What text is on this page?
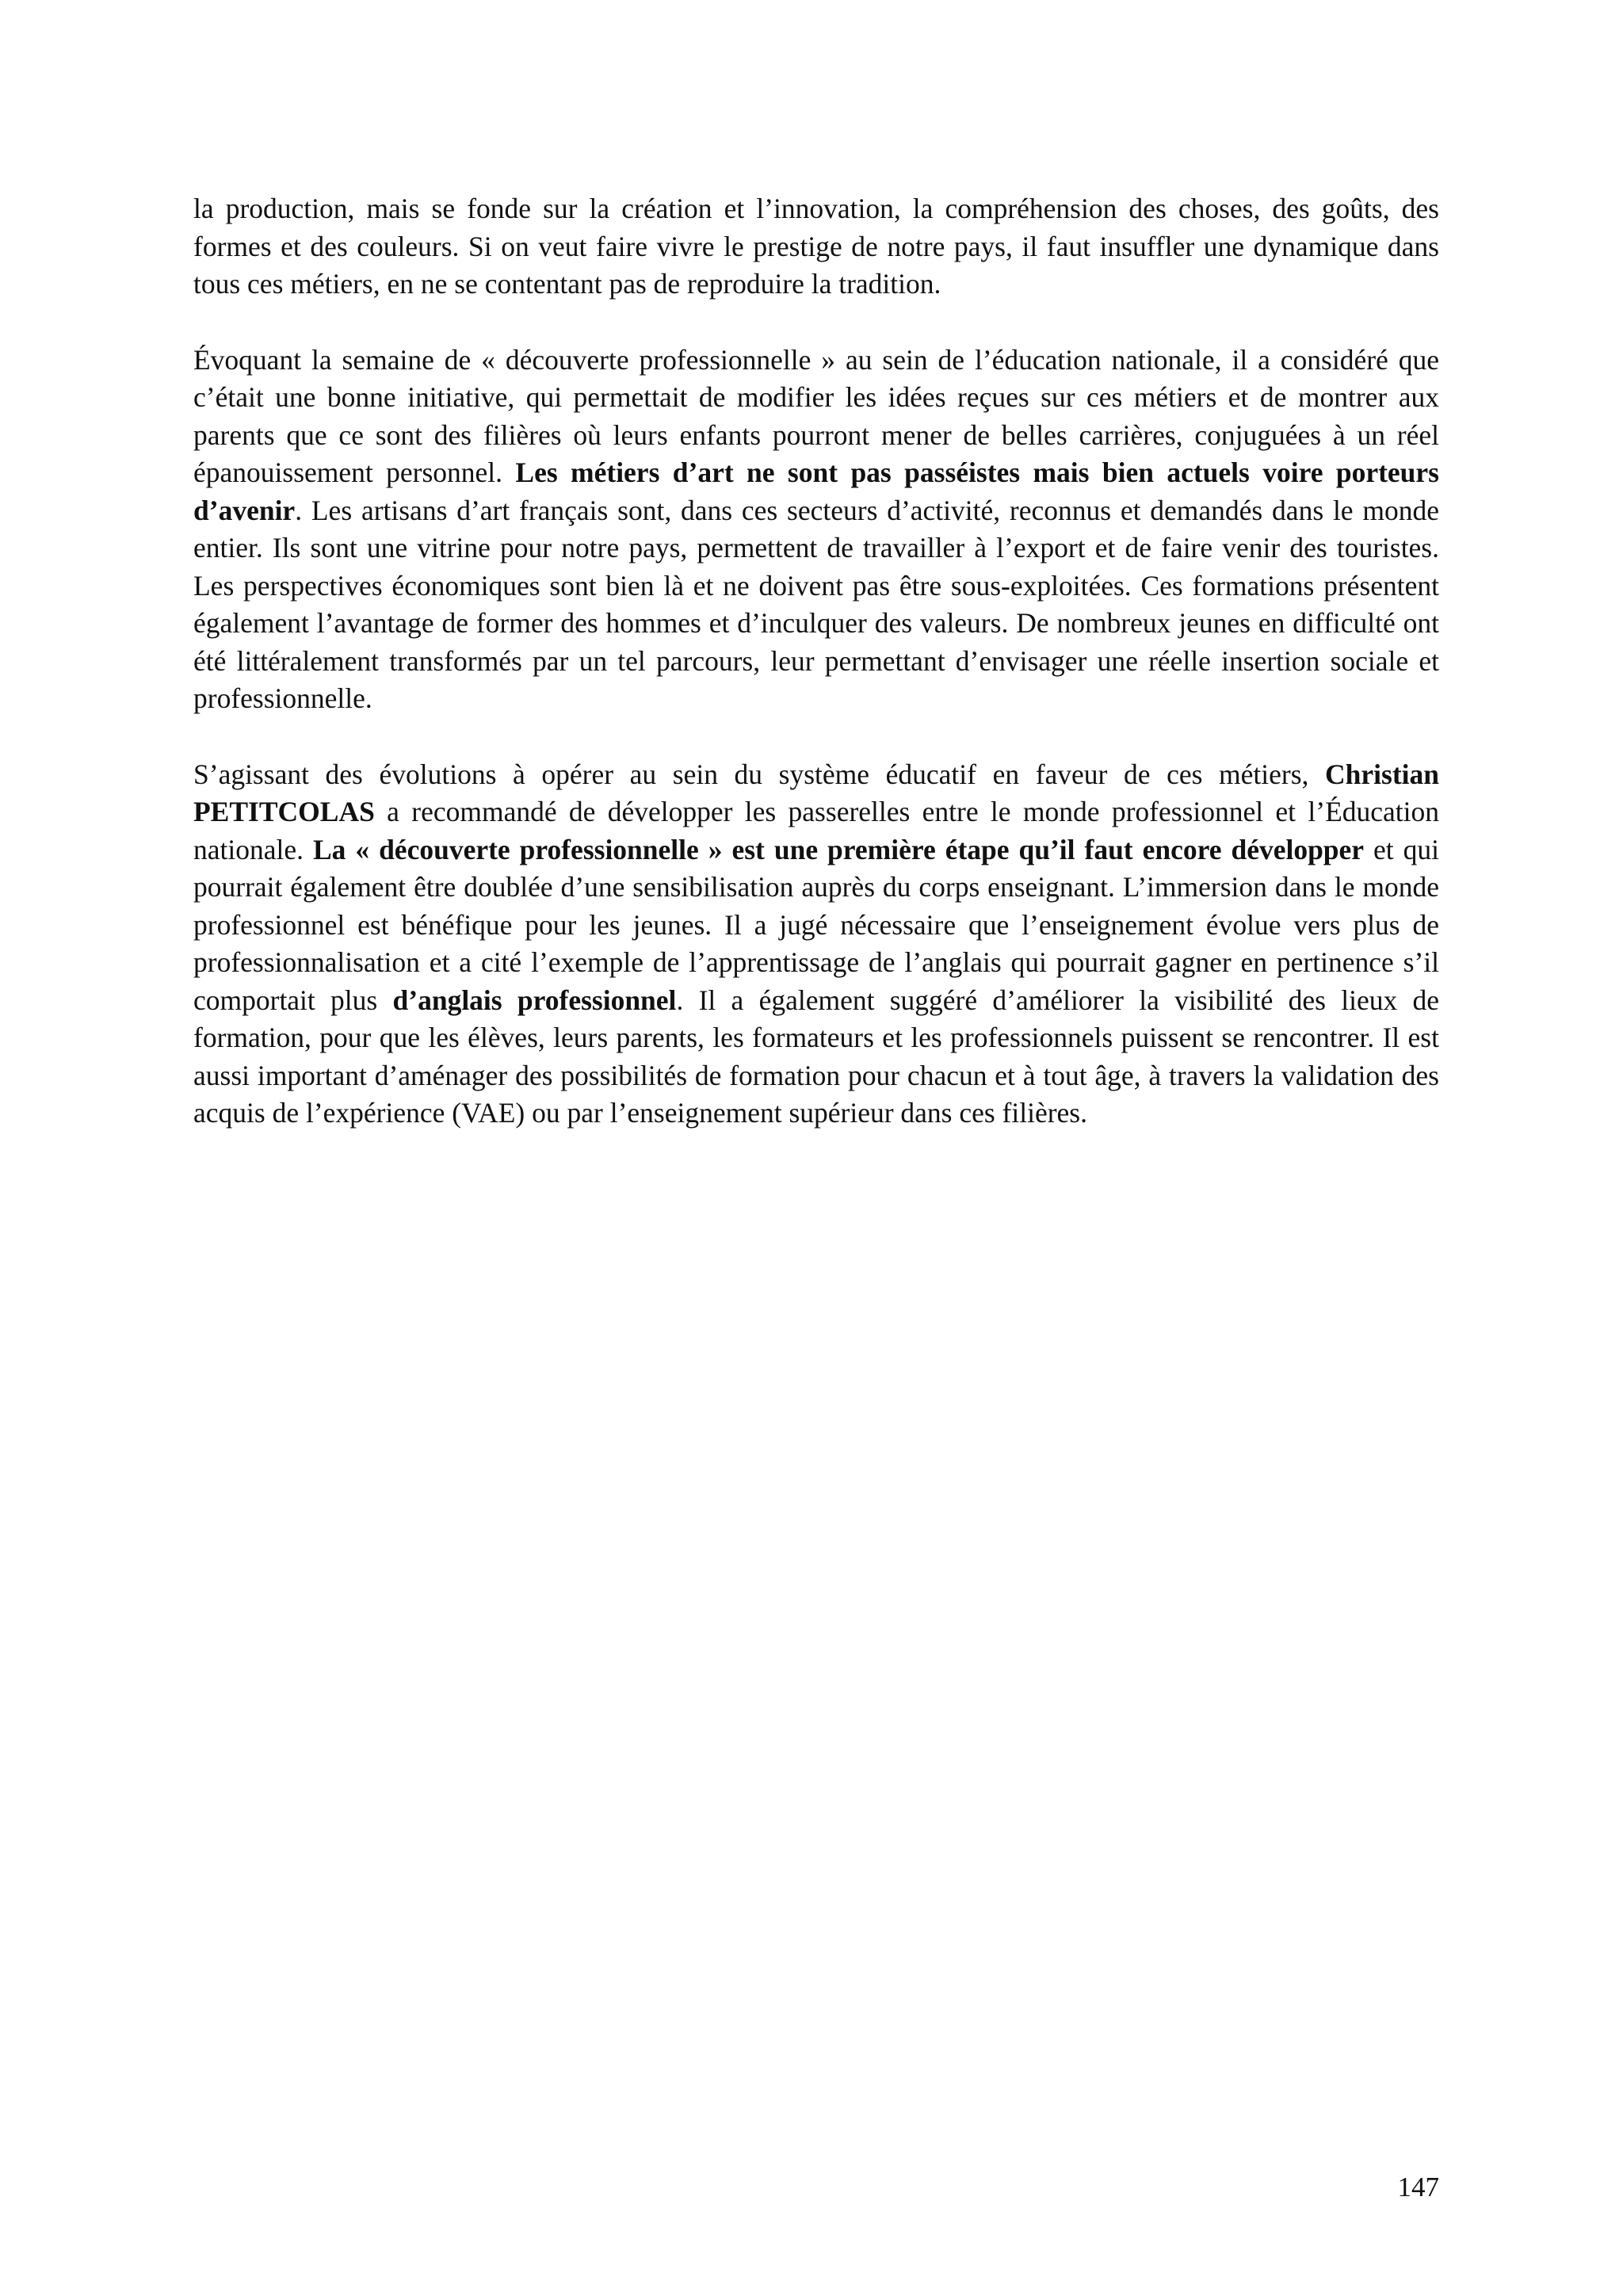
la production, mais se fonde sur la création et l’innovation, la compréhension des choses, des goûts, des formes et des couleurs. Si on veut faire vivre le prestige de notre pays, il faut insuffler une dynamique dans tous ces métiers, en ne se contentant pas de reproduire la tradition.

Évoquant la semaine de « découverte professionnelle » au sein de l’éducation nationale, il a considéré que c’était une bonne initiative, qui permettait de modifier les idées reçues sur ces métiers et de montrer aux parents que ce sont des filières où leurs enfants pourront mener de belles carrières, conjuguées à un réel épanouissement personnel. Les métiers d’art ne sont pas passéistes mais bien actuels voire porteurs d’avenir. Les artisans d’art français sont, dans ces secteurs d’activité, reconnus et demandés dans le monde entier. Ils sont une vitrine pour notre pays, permettent de travailler à l’export et de faire venir des touristes. Les perspectives économiques sont bien là et ne doivent pas être sous-exploitées. Ces formations présentent également l’avantage de former des hommes et d’inculquer des valeurs. De nombreux jeunes en difficulté ont été littéralement transformés par un tel parcours, leur permettant d’envisager une réelle insertion sociale et professionnelle.

S’agissant des évolutions à opérer au sein du système éducatif en faveur de ces métiers, Christian PETITCOLAS a recommandé de développer les passerelles entre le monde professionnel et l’Éducation nationale. La « découverte professionnelle » est une première étape qu’il faut encore développer et qui pourrait également être doublée d’une sensibilisation auprès du corps enseignant. L’immersion dans le monde professionnel est bénéfique pour les jeunes. Il a jugé nécessaire que l’enseignement évolue vers plus de professionnalisation et a cité l’exemple de l’apprentissage de l’anglais qui pourrait gagner en pertinence s’il comportait plus d’anglais professionnel. Il a également suggéré d’améliorer la visibilité des lieux de formation, pour que les élèves, leurs parents, les formateurs et les professionnels puissent se rencontrer. Il est aussi important d’aménager des possibilités de formation pour chacun et à tout âge, à travers la validation des acquis de l’expérience (VAE) ou par l’enseignement supérieur dans ces filières.

147
